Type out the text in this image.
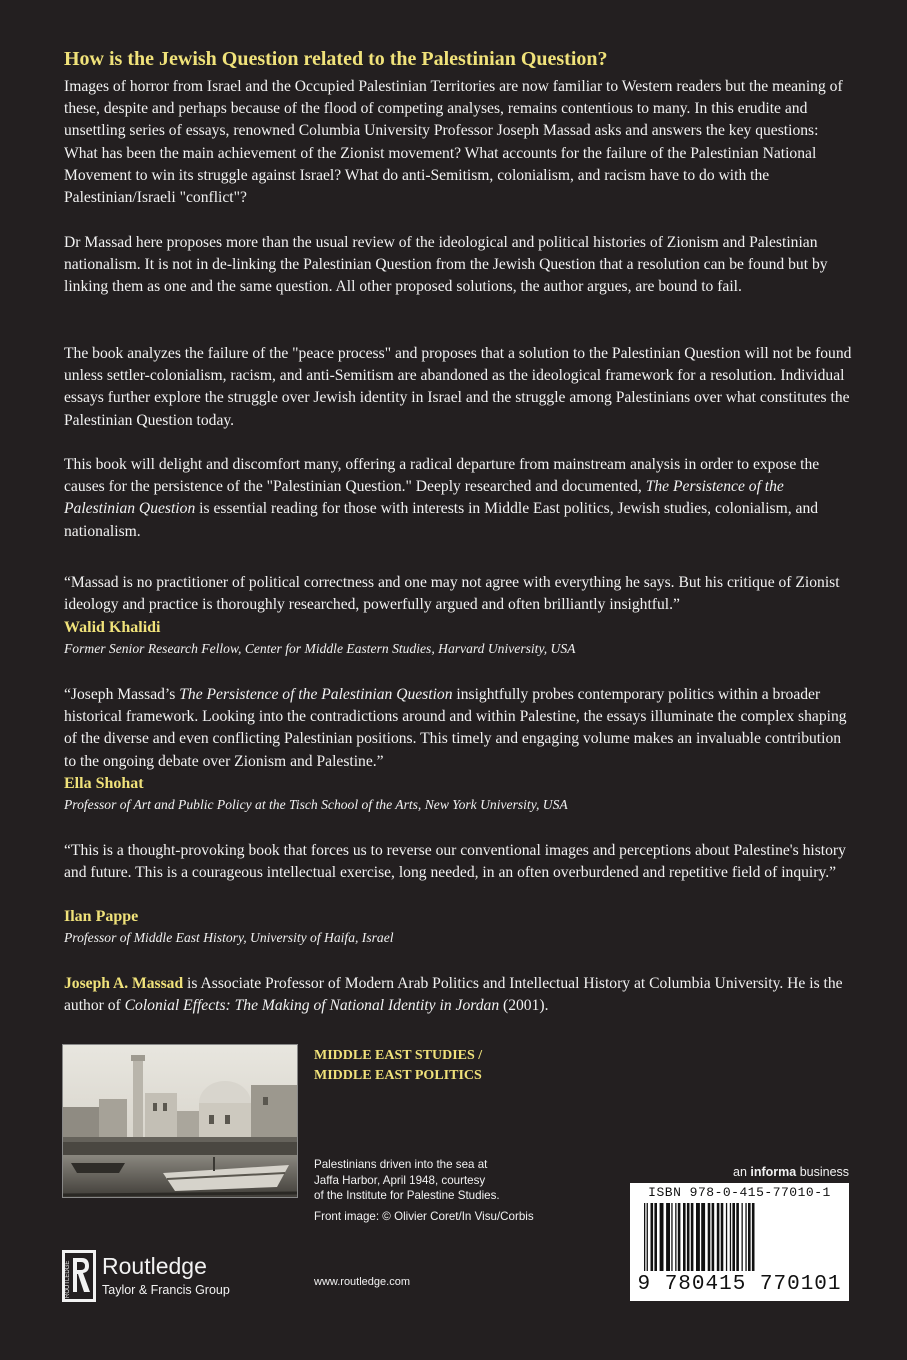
How is the Jewish Question related to the Palestinian Question?

Images of horror from Israel and the Occupied Palestinian Territories are now familiar to Western readers but the meaning of these, despite and perhaps because of the flood of competing analyses, remains contentious to many. In this erudite and unsettling series of essays, renowned Columbia University Professor Joseph Massad asks and answers the key questions: What has been the main achievement of the Zionist movement? What accounts for the failure of the Palestinian National Movement to win its struggle against Israel? What do anti-Semitism, colonialism, and racism have to do with the Palestinian/Israeli "conflict"?

Dr Massad here proposes more than the usual review of the ideological and political histories of Zionism and Palestinian nationalism. It is not in de-linking the Palestinian Question from the Jewish Question that a resolution can be found but by linking them as one and the same question. All other proposed solutions, the author argues, are bound to fail.

The book analyzes the failure of the "peace process" and proposes that a solution to the Palestinian Question will not be found unless settler-colonialism, racism, and anti-Semitism are abandoned as the ideological framework for a resolution. Individual essays further explore the struggle over Jewish identity in Israel and the struggle among Palestinians over what constitutes the Palestinian Question today.

This book will delight and discomfort many, offering a radical departure from mainstream analysis in order to expose the causes for the persistence of the "Palestinian Question." Deeply researched and documented, The Persistence of the Palestinian Question is essential reading for those with interests in Middle East politics, Jewish studies, colonialism, and nationalism.

“Massad is no practitioner of political correctness and one may not agree with everything he says. But his critique of Zionist ideology and practice is thoroughly researched, powerfully argued and often brilliantly insightful.”

Walid Khalidi

Former Senior Research Fellow, Center for Middle Eastern Studies, Harvard University, USA

“Joseph Massad’s The Persistence of the Palestinian Question insightfully probes contemporary politics within a broader historical framework. Looking into the contradictions around and within Palestine, the essays illuminate the complex shaping of the diverse and even conflicting Palestinian positions. This timely and engaging volume makes an invaluable contribution to the ongoing debate over Zionism and Palestine.”

Ella Shohat

Professor of Art and Public Policy at the Tisch School of the Arts, New York University, USA

“This is a thought-provoking book that forces us to reverse our conventional images and perceptions about Palestine's history and future. This is a courageous intellectual exercise, long needed, in an often overburdened and repetitive field of inquiry.”

Ilan Pappe

Professor of Middle East History, University of Haifa, Israel

Joseph A. Massad is Associate Professor of Modern Arab Politics and Intellectual History at Columbia University. He is the author of Colonial Effects: The Making of National Identity in Jordan (2001).

MIDDLE EAST STUDIES /
MIDDLE EAST POLITICS
Palestinians driven into the sea at
Jaffa Harbor, April 1948, courtesy
of the Institute for Palestine Studies.
Front image: © Olivier Coret/In Visu/Corbis
www.routledge.com
an informa business
ISBN 978-0-415-77010-1
9 780415 770101
ROUTLEDGE Routledge
Taylor & Francis Group
